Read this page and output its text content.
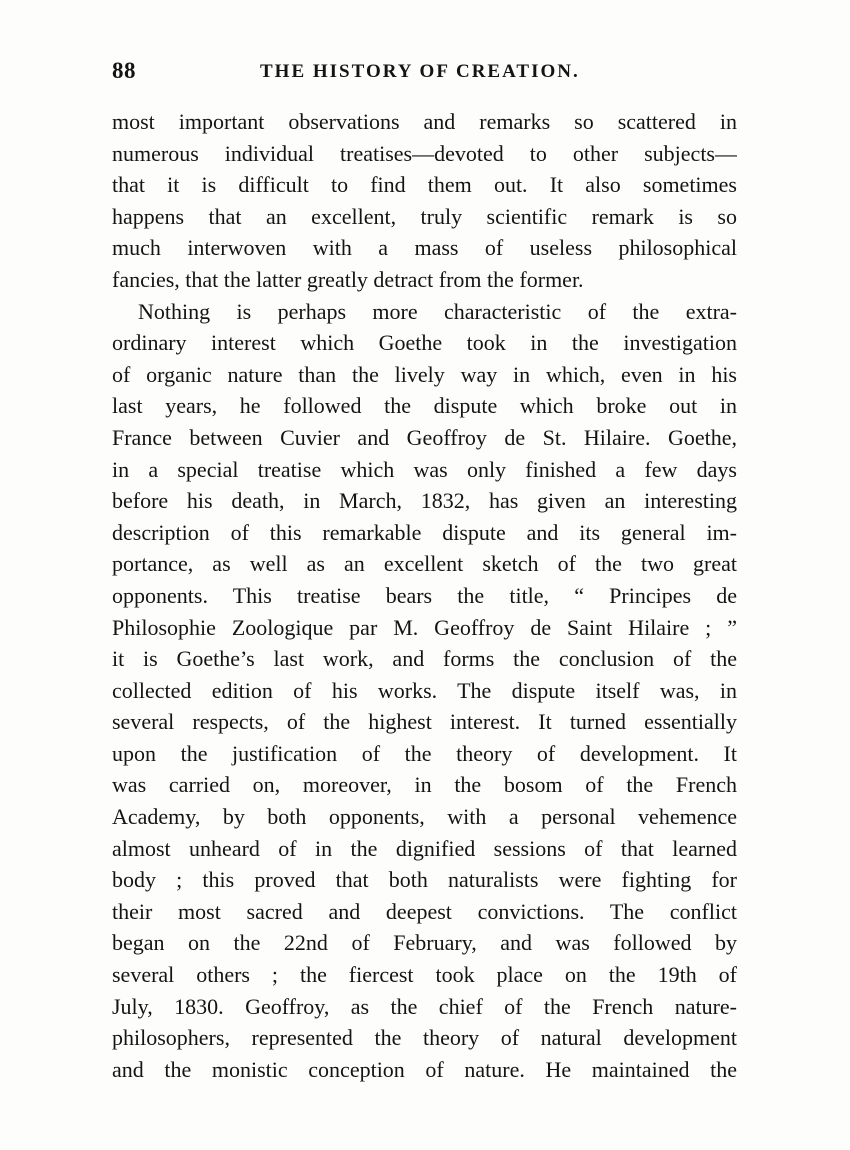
88	THE HISTORY OF CREATION.
most important observations and remarks so scattered in
numerous individual treatises—devoted to other subjects—
that it is difficult to find them out. It also sometimes
happens that an excellent, truly scientific remark is so
much interwoven with a mass of useless philosophical
fancies, that the latter greatly detract from the former.
Nothing is perhaps more characteristic of the extra-
ordinary interest which Goethe took in the investigation
of organic nature than the lively way in which, even in his
last years, he followed the dispute which broke out in
France between Cuvier and Geoffroy de St. Hilaire. Goethe,
in a special treatise which was only finished a few days
before his death, in March, 1832, has given an interesting
description of this remarkable dispute and its general im-
portance, as well as an excellent sketch of the two great
opponents. This treatise bears the title, “ Principes de
Philosophie Zoologique par M. Geoffroy de Saint Hilaire ; ”
it is Goethe’s last work, and forms the conclusion of the
collected edition of his works. The dispute itself was, in
several respects, of the highest interest. It turned essentially
upon the justification of the theory of development. It
was carried on, moreover, in the bosom of the French
Academy, by both opponents, with a personal vehemence
almost unheard of in the dignified sessions of that learned
body ; this proved that both naturalists were fighting for
their most sacred and deepest convictions. The conflict
began on the 22nd of February, and was followed by
several others ; the fiercest took place on the 19th of
July, 1830. Geoffroy, as the chief of the French nature-
philosophers, represented the theory of natural development
and the monistic conception of nature. He maintained the
